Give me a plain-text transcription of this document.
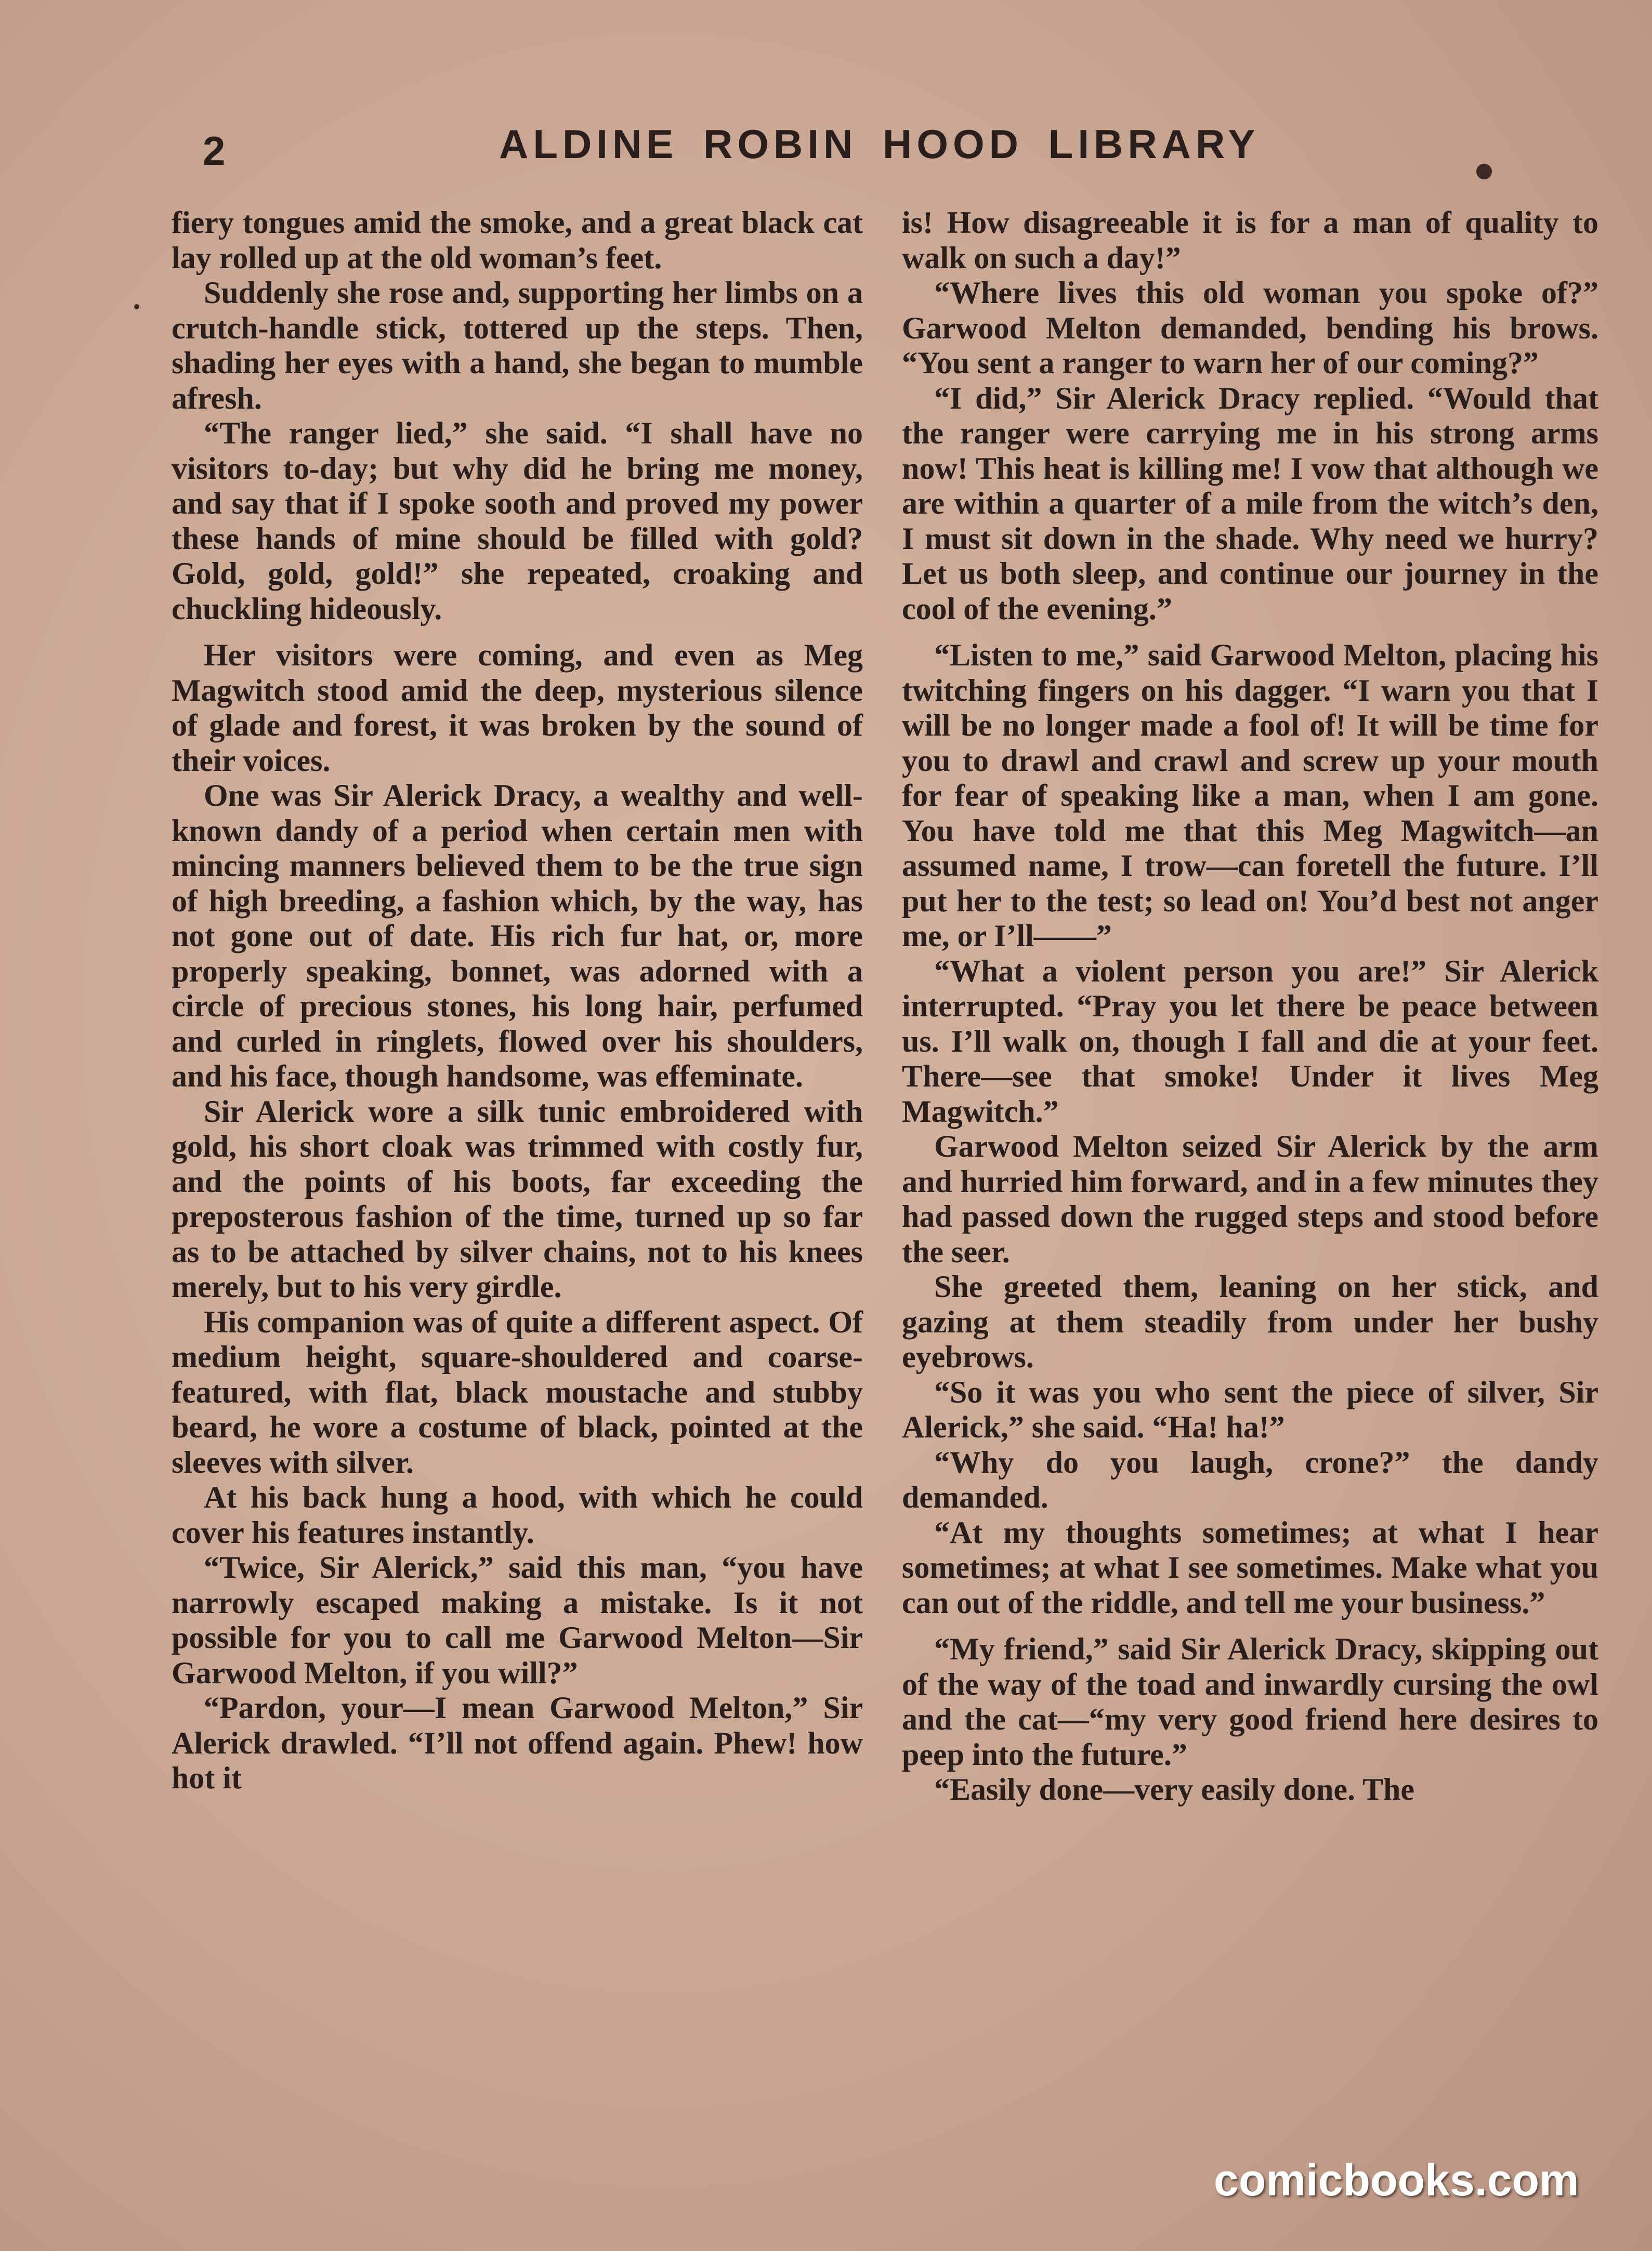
2	ALDINE ROBIN HOOD LIBRARY

fiery tongues amid the smoke, and a great black cat lay rolled up at the old woman’s feet.

Suddenly she rose and, supporting her limbs on a crutch-handle stick, tottered up the steps. Then, shading her eyes with a hand, she began to mumble afresh.

“The ranger lied,” she said. “I shall have no visitors to-day; but why did he bring me money, and say that if I spoke sooth and proved my power these hands of mine should be filled with gold? Gold, gold, gold!” she repeated, croaking and chuckling hideously.

Her visitors were coming, and even as Meg Magwitch stood amid the deep, mysterious silence of glade and forest, it was broken by the sound of their voices.

One was Sir Alerick Dracy, a wealthy and well-known dandy of a period when certain men with mincing manners believed them to be the true sign of high breeding, a fashion which, by the way, has not gone out of date. His rich fur hat, or, more properly speaking, bonnet, was adorned with a circle of precious stones, his long hair, perfumed and curled in ringlets, flowed over his shoulders, and his face, though handsome, was effeminate.

Sir Alerick wore a silk tunic embroidered with gold, his short cloak was trimmed with costly fur, and the points of his boots, far exceeding the preposterous fashion of the time, turned up so far as to be attached by silver chains, not to his knees merely, but to his very girdle.

His companion was of quite a different aspect. Of medium height, square-shouldered and coarse-featured, with flat, black moustache and stubby beard, he wore a costume of black, pointed at the sleeves with silver.

At his back hung a hood, with which he could cover his features instantly.

“Twice, Sir Alerick,” said this man, “you have narrowly escaped making a mistake. Is it not possible for you to call me Garwood Melton—Sir Garwood Melton, if you will?”

“Pardon, your—I mean Garwood Melton,” Sir Alerick drawled. “I’ll not offend again. Phew! how hot it

is! How disagreeable it is for a man of quality to walk on such a day!”

“Where lives this old woman you spoke of?” Garwood Melton demanded, bending his brows. “You sent a ranger to warn her of our coming?”

“I did,” Sir Alerick Dracy replied. “Would that the ranger were carrying me in his strong arms now! This heat is killing me! I vow that although we are within a quarter of a mile from the witch’s den, I must sit down in the shade. Why need we hurry? Let us both sleep, and continue our journey in the cool of the evening.”

“Listen to me,” said Garwood Melton, placing his twitching fingers on his dagger. “I warn you that I will be no longer made a fool of! It will be time for you to drawl and crawl and screw up your mouth for fear of speaking like a man, when I am gone. You have told me that this Meg Magwitch—an assumed name, I trow—can foretell the future. I’ll put her to the test; so lead on! You’d best not anger me, or I’ll——”

“What a violent person you are!” Sir Alerick interrupted. “Pray you let there be peace between us. I’ll walk on, though I fall and die at your feet. There—see that smoke! Under it lives Meg Magwitch.”

Garwood Melton seized Sir Alerick by the arm and hurried him forward, and in a few minutes they had passed down the rugged steps and stood before the seer.

She greeted them, leaning on her stick, and gazing at them steadily from under her bushy eyebrows.

“So it was you who sent the piece of silver, Sir Alerick,” she said. “Ha! ha!”

“Why do you laugh, crone?” the dandy demanded.

“At my thoughts sometimes; at what I hear sometimes; at what I see sometimes. Make what you can out of the riddle, and tell me your business.”

“My friend,” said Sir Alerick Dracy, skipping out of the way of the toad and inwardly cursing the owl and the cat—“my very good friend here desires to peep into the future.”

“Easily done—very easily done. The

comicbooks.com
